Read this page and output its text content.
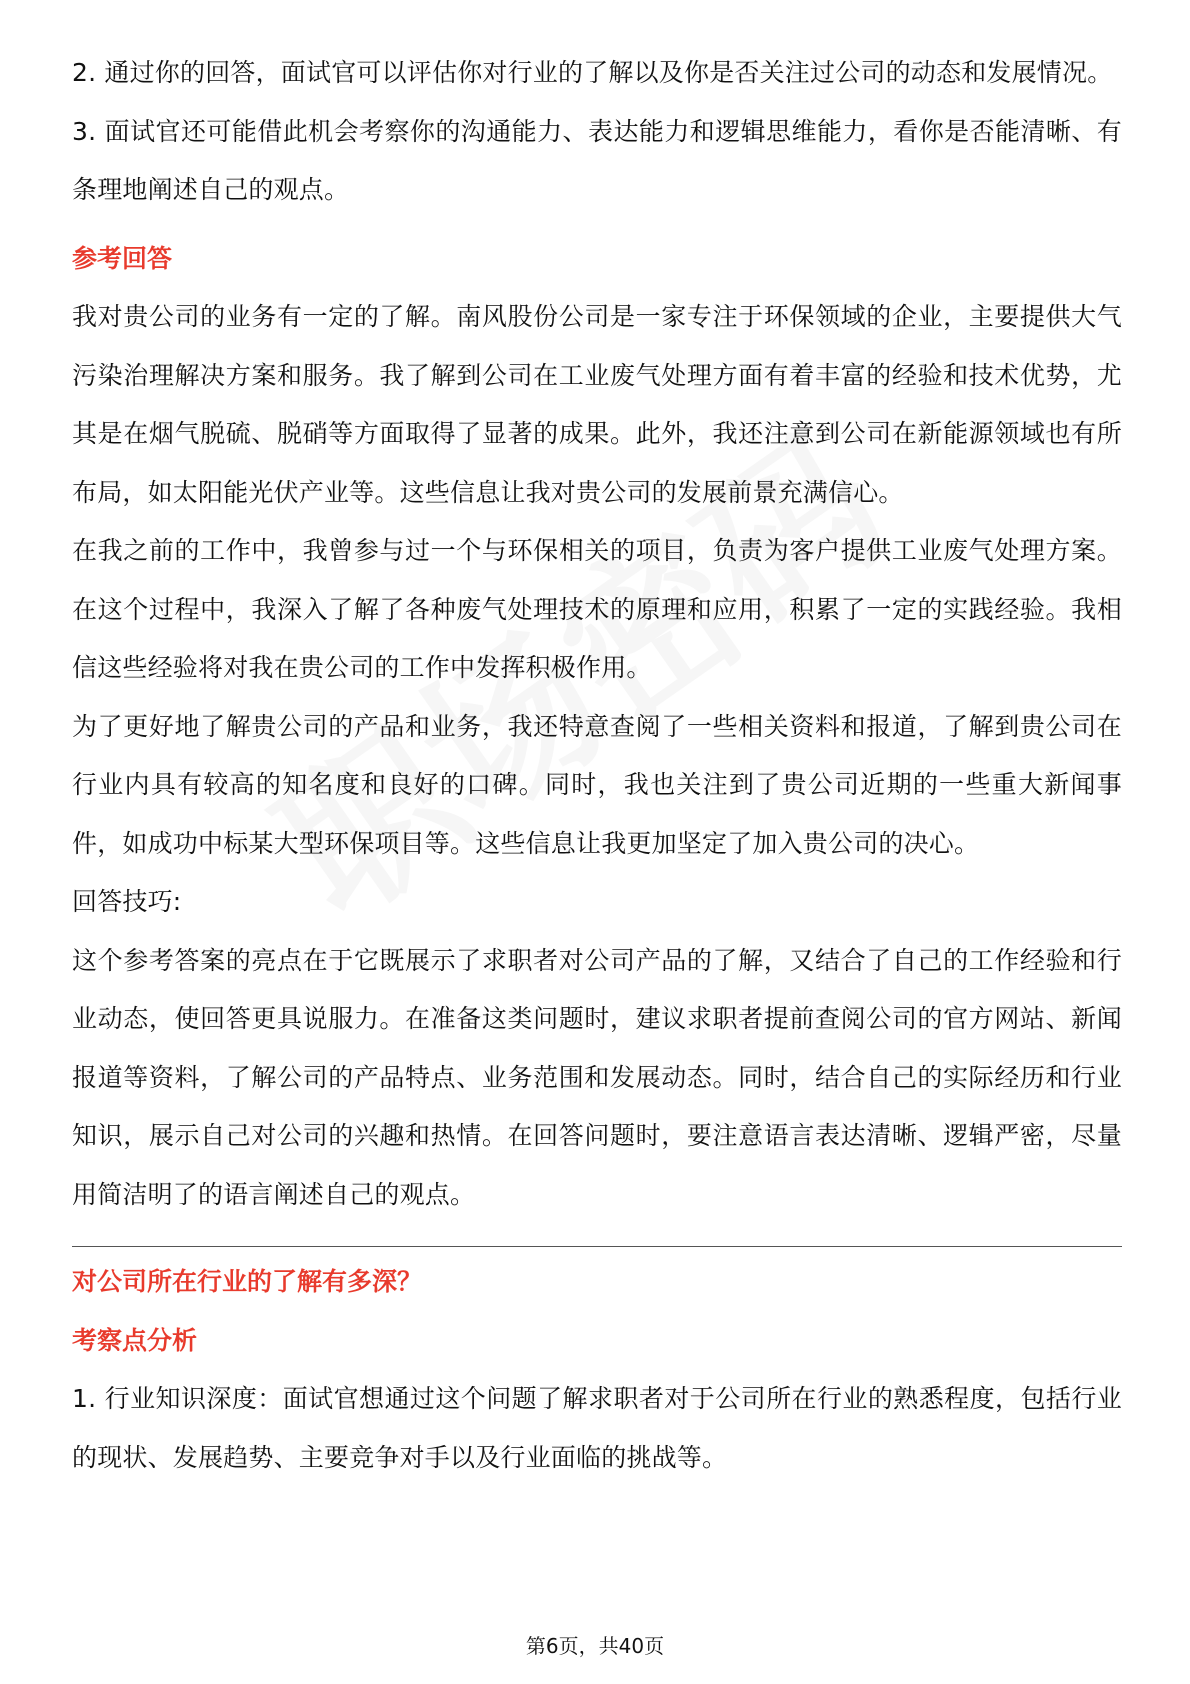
2. 通过你的回答，面试官可以评估你对行业的了解以及你是否关注过公司的动态和发展情况。

3. 面试官还可能借此机会考察你的沟通能力、表达能力和逻辑思维能力，看你是否能清晰、有条理地阐述自己的观点。

参考回答

我对贵公司的业务有一定的了解。南风股份公司是一家专注于环保领域的企业，主要提供大气污染治理解决方案和服务。我了解到公司在工业废气处理方面有着丰富的经验和技术优势，尤其是在烟气脱硫、脱硝等方面取得了显著的成果。此外，我还注意到公司在新能源领域也有所布局，如太阳能光伏产业等。这些信息让我对贵公司的发展前景充满信心。

在我之前的工作中，我曾参与过一个与环保相关的项目，负责为客户提供工业废气处理方案。在这个过程中，我深入了解了各种废气处理技术的原理和应用，积累了一定的实践经验。我相信这些经验将对我在贵公司的工作中发挥积极作用。

为了更好地了解贵公司的产品和业务，我还特意查阅了一些相关资料和报道，了解到贵公司在行业内具有较高的知名度和良好的口碑。同时，我也关注到了贵公司近期的一些重大新闻事件，如成功中标某大型环保项目等。这些信息让我更加坚定了加入贵公司的决心。

回答技巧:

这个参考答案的亮点在于它既展示了求职者对公司产品的了解，又结合了自己的工作经验和行业动态，使回答更具说服力。在准备这类问题时，建议求职者提前查阅公司的官方网站、新闻报道等资料，了解公司的产品特点、业务范围和发展动态。同时，结合自己的实际经历和行业知识，展示自己对公司的兴趣和热情。在回答问题时，要注意语言表达清晰、逻辑严密，尽量用简洁明了的语言阐述自己的观点。

对公司所在行业的了解有多深？

考察点分析

1. 行业知识深度：面试官想通过这个问题了解求职者对于公司所在行业的熟悉程度，包括行业的现状、发展趋势、主要竞争对手以及行业面临的挑战等。

第6页，共40页
